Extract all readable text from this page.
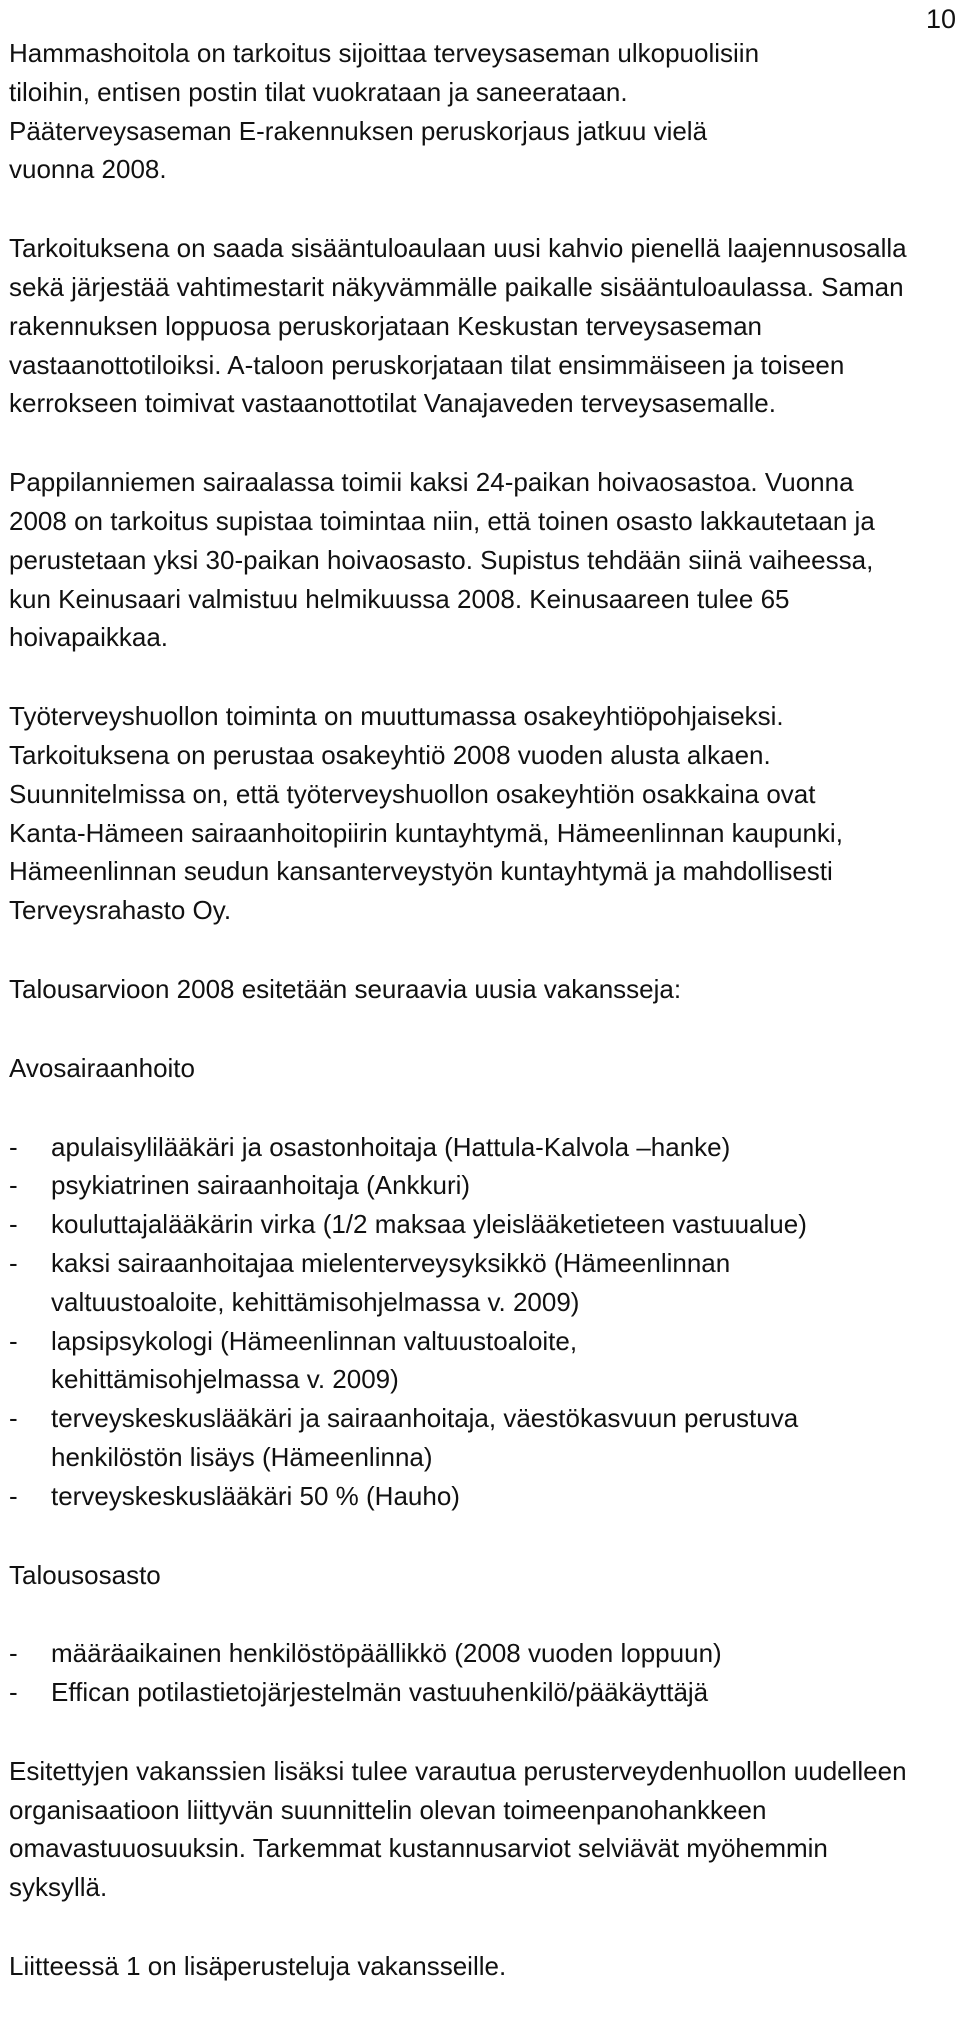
10

Hammashoitola on tarkoitus sijoittaa terveysaseman ulkopuolisiin tiloihin, entisen postin tilat vuokrataan ja saneerataan. Pääterveysaseman E-rakennuksen peruskorjaus jatkuu vielä vuonna 2008.

Tarkoituksena on saada sisääntuloaulaan uusi kahvio pienellä laajennusosalla sekä järjestää vahtimestarit näkyvämmälle paikalle sisääntuloaulassa. Saman rakennuksen loppuosa peruskorjataan Keskustan terveysaseman vastaanottotiloiksi. A-taloon peruskorjataan tilat ensimmäiseen ja toiseen kerrokseen toimivat vastaanottotilat Vanajaveden terveysasemalle.

Pappilanniemen sairaalassa toimii kaksi 24-paikan hoivaosastoa. Vuonna 2008 on tarkoitus supistaa toimintaa niin, että toinen osasto lakkautetaan ja perustetaan yksi 30-paikan hoivaosasto. Supistus tehdään siinä vaiheessa, kun Keinusaari valmistuu helmikuussa 2008. Keinusaareen tulee 65 hoivapaikkaa.

Työterveyshuollon toiminta on muuttumassa osakeyhtiöpohjaiseksi. Tarkoituksena on perustaa osakeyhtiö 2008 vuoden alusta alkaen. Suunnitelmissa on, että työterveyshuollon osakeyhtiön osakkaina ovat Kanta-Hämeen sairaanhoitopiirin kuntayhtymä, Hämeenlinnan kaupunki, Hämeenlinnan seudun kansanterveystyön kuntayhtymä ja mahdollisesti Terveysrahasto Oy.

Talousarvioon 2008 esitetään seuraavia uusia vakansseja:

Avosairaanhoito

- apulaisylilääkäri ja osastonhoitaja (Hattula-Kalvola –hanke)
- psykiatrinen sairaanhoitaja (Ankkuri)
- kouluttajalääkärin virka (1/2 maksaa yleislääketieteen vastuualue)
- kaksi sairaanhoitajaa mielenterveysyksikkö (Hämeenlinnan valtuustoaloite, kehittämisohjelmassa v. 2009)
- lapsipsykologi (Hämeenlinnan valtuustoaloite, kehittämisohjelmassa v. 2009)
- terveyskeskuslääkäri ja sairaanhoitaja, väestökasvuun perustuva henkilöstön lisäys (Hämeenlinna)
- terveyskeskuslääkäri 50 % (Hauho)

Talousosasto

- määräaikainen henkilöstöpäällikkö (2008 vuoden loppuun)
- Effican potilastietojärjestelmän vastuuhenkilö/pääkäyttäjä

Esitettyjen vakanssien lisäksi tulee varautua perusterveydenhuollon uudelleen organisaatioon liittyvän suunnittelin olevan toimeenpanohankkeen omavastuuosuuksin. Tarkemmat kustannusarviot selviävät myöhemmin syksyllä.

Liitteessä 1 on lisäperusteluja vakansseille.
